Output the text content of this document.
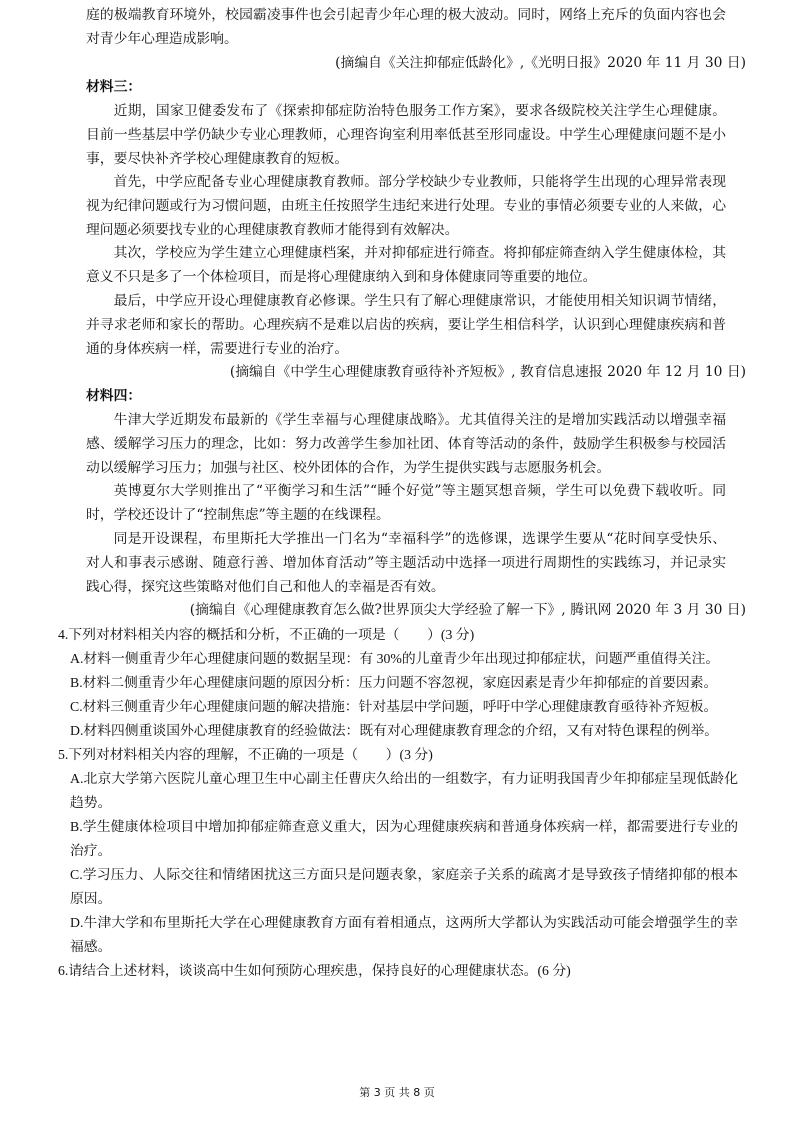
庭的极端教育环境外，校园霸凌事件也会引起青少年心理的极大波动。同时，网络上充斥的负面内容也会对青少年心理造成影响。

(摘编自《关注抑郁症低龄化》,《光明日报》2020 年 11 月 30 日)

材料三：

近期，国家卫健委发布了《探索抑郁症防治特色服务工作方案》，要求各级院校关注学生心理健康。目前一些基层中学仍缺少专业心理教师，心理咨询室利用率低甚至形同虚设。中学生心理健康问题不是小事，要尽快补齐学校心理健康教育的短板。

首先，中学应配备专业心理健康教育教师。部分学校缺少专业教师，只能将学生出现的心理异常表现视为纪律问题或行为习惯问题，由班主任按照学生违纪来进行处理。专业的事情必须要专业的人来做，心理问题必须要找专业的心理健康教育教师才能得到有效解决。

其次，学校应为学生建立心理健康档案，并对抑郁症进行筛查。将抑郁症筛查纳入学生健康体检，其意义不只是多了一个体检项目，而是将心理健康纳入到和身体健康同等重要的地位。

最后，中学应开设心理健康教育必修课。学生只有了解心理健康常识，才能使用相关知识调节情绪，并寻求老师和家长的帮助。心理疾病不是难以启齿的疾病，要让学生相信科学，认识到心理健康疾病和普通的身体疾病一样，需要进行专业的治疗。

(摘编自《中学生心理健康教育亟待补齐短板》, 教育信息速报 2020 年 12 月 10 日)

材料四：

牛津大学近期发布最新的《学生幸福与心理健康战略》。尤其值得关注的是增加实践活动以增强幸福感、缓解学习压力的理念，比如：努力改善学生参加社团、体育等活动的条件，鼓励学生积极参与校园活动以缓解学习压力；加强与社区、校外团体的合作，为学生提供实践与志愿服务机会。

英博夏尔大学则推出了“平衡学习和生活”“睡个好觉”等主题冥想音频，学生可以免费下载收听。同时，学校还设计了“控制焦虑”等主题的在线课程。

同是开设课程，布里斯托大学推出一门名为“幸福科学”的选修课，选课学生要从“花时间享受快乐、对人和事表示感谢、随意行善、增加体育活动”等主题活动中选择一项进行周期性的实践练习，并记录实践心得，探究这些策略对他们自己和他人的幸福是否有效。

(摘编自《心理健康教育怎么做?世界顶尖大学经验了解一下》, 腾讯网 2020 年 3 月 30 日)

4.下列对材料相关内容的概括和分析，不正确的一项是（　　）(3 分)

A.材料一侧重青少年心理健康问题的数据呈现：有 30%的儿童青少年出现过抑郁症状，问题严重值得关注。

B.材料二侧重青少年心理健康问题的原因分析：压力问题不容忽视，家庭因素是青少年抑郁症的首要因素。

C.材料三侧重青少年心理健康问题的解决措施：针对基层中学问题，呼吁中学心理健康教育亟待补齐短板。

D.材料四侧重谈国外心理健康教育的经验做法：既有对心理健康教育理念的介绍，又有对特色课程的例举。

5.下列对材料相关内容的理解，不正确的一项是（　　）(3 分)

A.北京大学第六医院儿童心理卫生中心副主任曹庆久给出的一组数字，有力证明我国青少年抑郁症呈现低龄化趋势。

B.学生健康体检项目中增加抑郁症筛查意义重大，因为心理健康疾病和普通身体疾病一样，都需要进行专业的治疗。

C.学习压力、人际交往和情绪困扰这三方面只是问题表象，家庭亲子关系的疏离才是导致孩子情绪抑郁的根本原因。

第 3 页 共 8 页

D.牛津大学和布里斯托大学在心理健康教育方面有着相通点，这两所大学都认为实践活动可能会增强学生的幸福感。

6.请结合上述材料，谈谈高中生如何预防心理疾患，保持良好的心理健康状态。(6 分)
